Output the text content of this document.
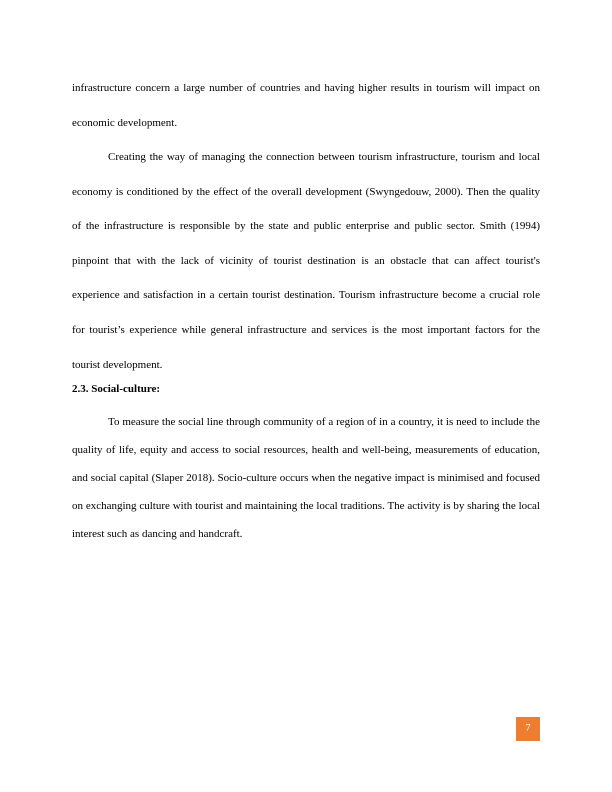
infrastructure concern a large number of countries and having higher results in tourism will impact on economic development.

Creating the way of managing the connection between tourism infrastructure, tourism and local economy is conditioned by the effect of the overall development (Swyngedouw, 2000). Then the quality of the infrastructure is responsible by the state and public enterprise and public sector. Smith (1994) pinpoint that with the lack of vicinity of tourist destination is an obstacle that can affect tourist's experience and satisfaction in a certain tourist destination. Tourism infrastructure become a crucial role for tourist’s experience while general infrastructure and services is the most important factors for the tourist development.

2.3. Social-culture:

To measure the social line through community of a region of in a country, it is need to include the quality of life, equity and access to social resources, health and well-being, measurements of education, and social capital (Slaper 2018). Socio-culture occurs when the negative impact is minimised and focused on exchanging culture with tourist and maintaining the local traditions. The activity is by sharing the local interest such as dancing and handcraft.

7
